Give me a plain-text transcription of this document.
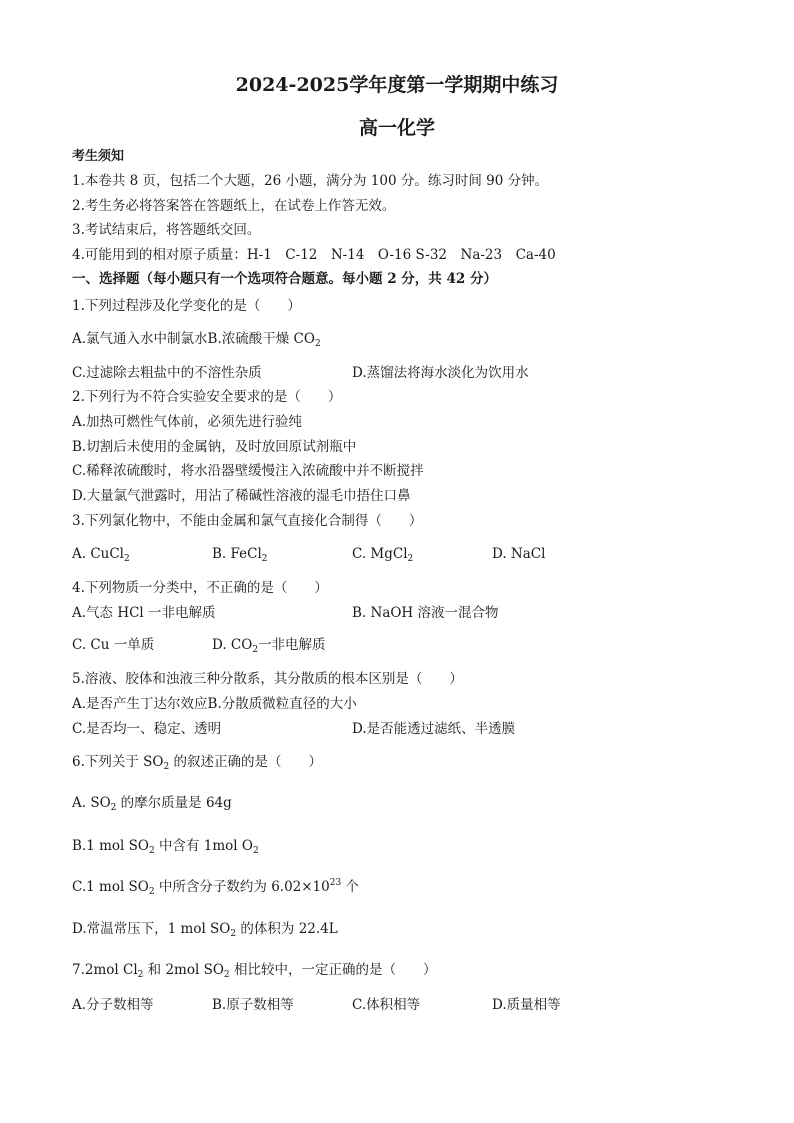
2024-2025学年度第一学期期中练习
高一化学
考生须知
1.本卷共 8 页，包括二个大题，26 小题，满分为 100 分。练习时间 90 分钟。
2.考生务必将答案答在答题纸上，在试卷上作答无效。
3.考试结束后，将答题纸交回。
4.可能用到的相对原子质量：H-1　C-12　N-14　O-16 S-32　Na-23　Ca-40
一、选择题（每小题只有一个选项符合题意。每小题 2 分，共 42 分）
1.下列过程涉及化学变化的是（　　）
A.氯气通入水中制氯水B.浓硫酸干燥 $CO_2$
C.过滤除去粗盐中的不溶性杂质	D.蒸馏法将海水淡化为饮用水
2.下列行为不符合实验安全要求的是（　　）
A.加热可燃性气体前，必须先进行验纯
B.切割后未使用的金属钠，及时放回原试剂瓶中
C.稀释浓硫酸时，将水沿器壁缓慢注入浓硫酸中并不断搅拌
D.大量氯气泄露时，用沾了稀碱性溶液的湿毛巾捂住口鼻
3.下列氯化物中，不能由金属和氯气直接化合制得（　　）
A. CuCl$_2$	B. FeCl$_2$	C. MgCl$_2$	D. NaCl
4.下列物质一分类中，不正确的是（　　）
A.气态 HCl 一非电解质	B. NaOH 溶液一混合物
C. Cu 一单质	D. $CO_2$一非电解质
5.溶液、胶体和浊液三种分散系，其分散质的根本区别是（　　）
A.是否产生丁达尔效应B.分散质微粒直径的大小
C.是否均一、稳定、透明	D.是否能透过滤纸、半透膜
6.下列关于 $SO_2$ 的叙述正确的是（　　）
A. $SO_2$ 的摩尔质量是 64g
B.1 mol $SO_2$ 中含有 1mol $O_2$
C.1 mol $SO_2$ 中所含分子数约为 $6.02\times 10^{23}$ 个
D.常温常压下，1 mol $SO_2$ 的体积为 22.4L
7.2mol $Cl_2$ 和 2mol $SO_2$ 相比较中，一定正确的是（　　）
A.分子数相等	B.原子数相等	C.体积相等	D.质量相等
